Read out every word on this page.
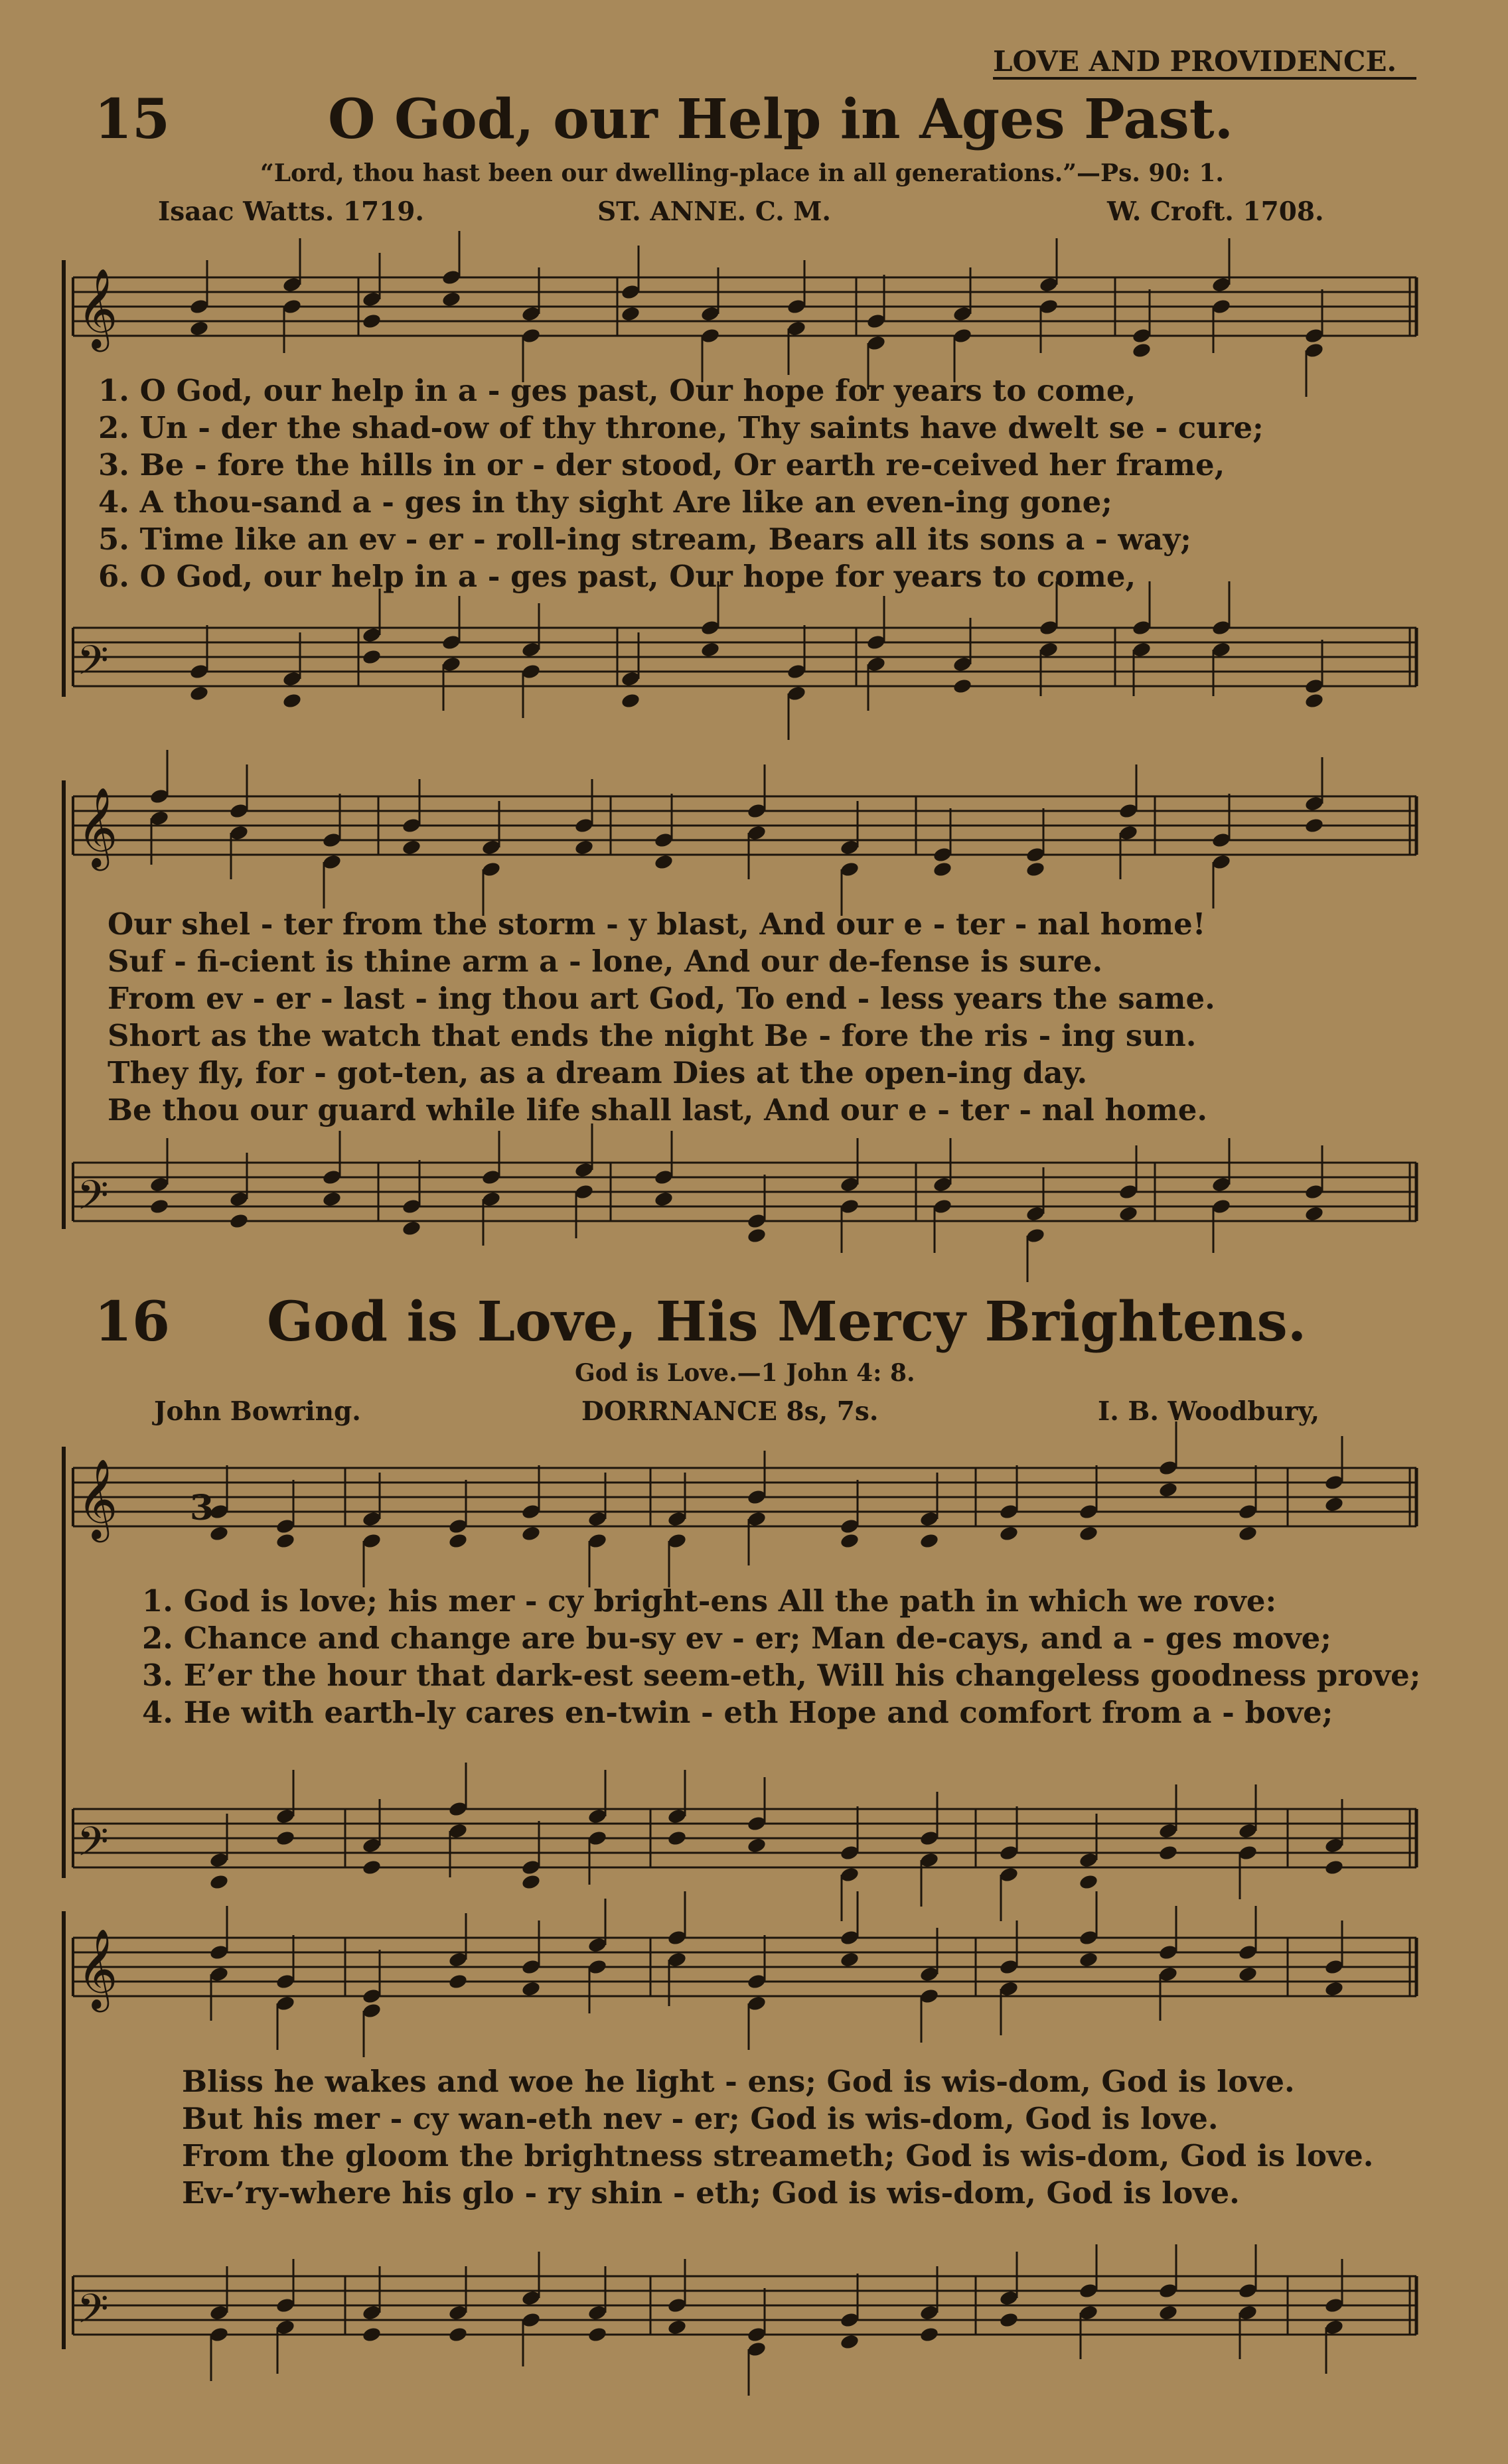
𝄞
𝄢
𝄞
𝄢
𝄞
𝄢
3
𝄞
𝄢
LOVE AND PROVIDENCE.
15	O God, our Help in Ages Past.
“Lord, thou hast been our dwelling-place in all generations.”—Ps. 90: 1.
Isaac Watts. 1719.	ST. ANNE. C. M.	W. Croft. 1708.
1. O God, our help in a - ges past, Our hope for years to come,
2. Un - der the shad-ow of thy throne, Thy saints have dwelt se - cure;
3. Be - fore the hills in or - der stood, Or earth re-ceived her frame,
4. A thou-sand a - ges in thy sight Are like an even-ing gone;
5. Time like an ev - er - roll-ing stream, Bears all its sons a - way;
6. O God, our help in a - ges past, Our hope for years to come,
Our shel - ter from the storm - y blast, And our e - ter - nal home!
Suf - fi-cient is thine arm a - lone, And our de-fense is sure.
From ev - er - last - ing thou art God, To end - less years the same.
Short as the watch that ends the night Be - fore the ris - ing sun.
They fly, for - got-ten, as a dream Dies at the open-ing day.
Be thou our guard while life shall last, And our e - ter - nal home.
16 God is Love, His Mercy Brightens.
God is Love.—1 John 4: 8.
John Bowring.	DORRNANCE 8s, 7s.	I. B. Woodbury,
1. God is love; his mer - cy bright-ens All the path in which we rove:
2. Chance and change are bu-sy ev - er; Man de-cays, and a - ges move;
3. E’er the hour that dark-est seem-eth, Will his changeless goodness prove;
4. He with earth-ly cares en-twin - eth Hope and comfort from a - bove;
Bliss he wakes and woe he light - ens; God is wis-dom, God is love.
But his mer - cy wan-eth nev - er; God is wis-dom, God is love.
From the gloom the brightness streameth; God is wis-dom, God is love.
Ev-’ry-where his glo - ry shin - eth; God is wis-dom, God is love.
